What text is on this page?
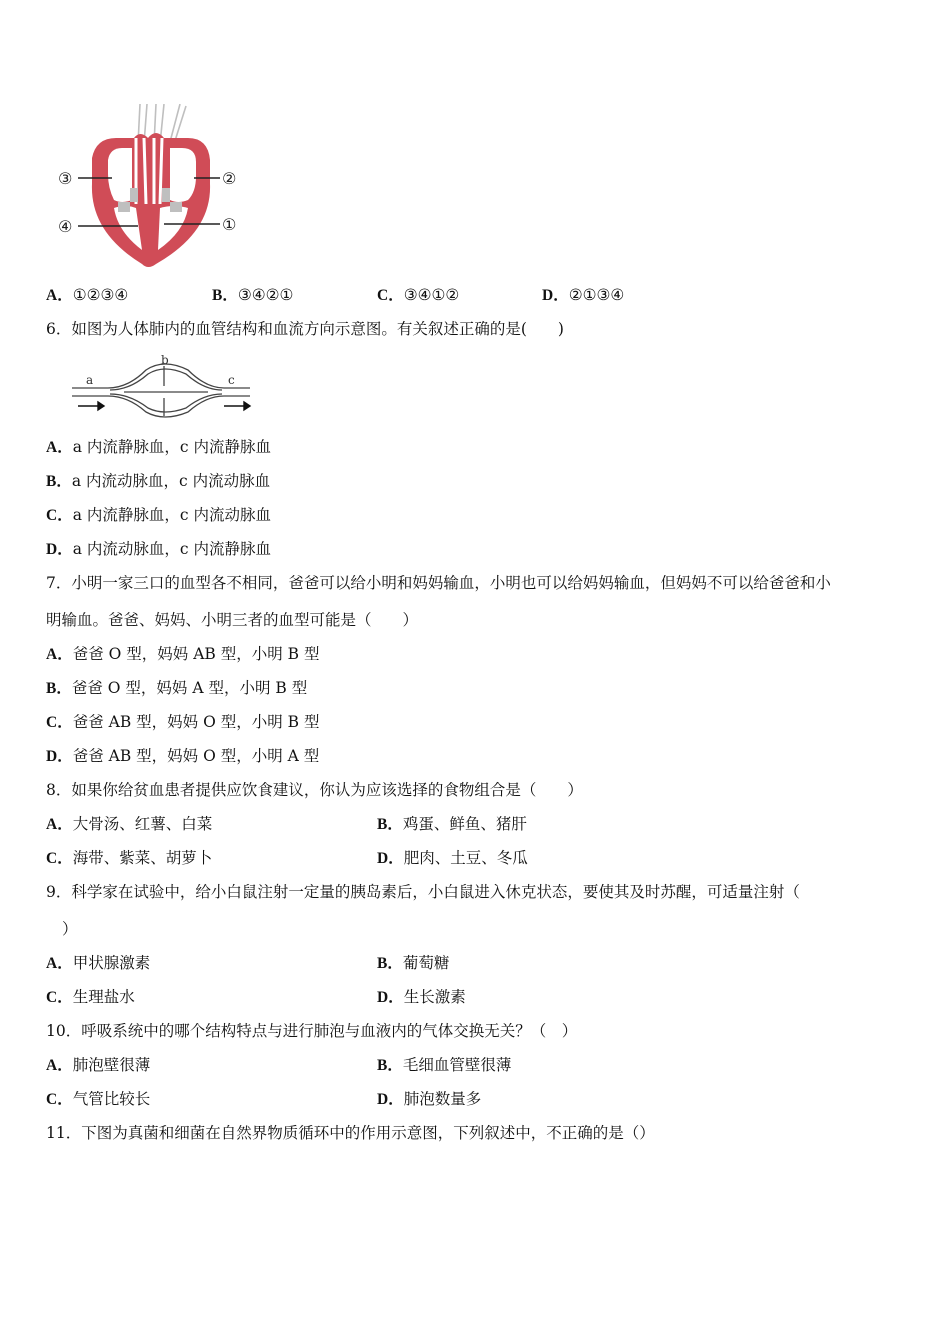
③	②
④	①
A．①②③④	B．③④②①	C．③④①②	D．②①③④
6．如图为人体肺内的血管结构和血流方向示意图。有关叙述正确的是(　　)
a
b
c
A．a 内流静脉血，c 内流静脉血
B．a 内流动脉血，c 内流动脉血
C．a 内流静脉血，c 内流动脉血
D．a 内流动脉血，c 内流静脉血
7．小明一家三口的血型各不相同，爸爸可以给小明和妈妈输血，小明也可以给妈妈输血，但妈妈不可以给爸爸和小
明输血。爸爸、妈妈、小明三者的血型可能是（　　）
A．爸爸 O 型，妈妈 AB 型，小明 B 型
B．爸爸 O 型，妈妈 A 型，小明 B 型
C．爸爸 AB 型，妈妈 O 型，小明 B 型
D．爸爸 AB 型，妈妈 O 型，小明 A 型
8．如果你给贫血患者提供应饮食建议，你认为应该选择的食物组合是（　　）
A．大骨汤、红薯、白菜	B．鸡蛋、鲜鱼、猪肝
C．海带、紫菜、胡萝卜	D．肥肉、土豆、冬瓜
9．科学家在试验中，给小白鼠注射一定量的胰岛素后，小白鼠进入休克状态，要使其及时苏醒，可适量注射（
）
A．甲状腺激素	B．葡萄糖
C．生理盐水	D．生长激素
10．呼吸系统中的哪个结构特点与进行肺泡与血液内的气体交换无关？（　）
A．肺泡壁很薄	B．毛细血管壁很薄
C．气管比较长	D．肺泡数量多
11．下图为真菌和细菌在自然界物质循环中的作用示意图，下列叙述中，不正确的是（）
